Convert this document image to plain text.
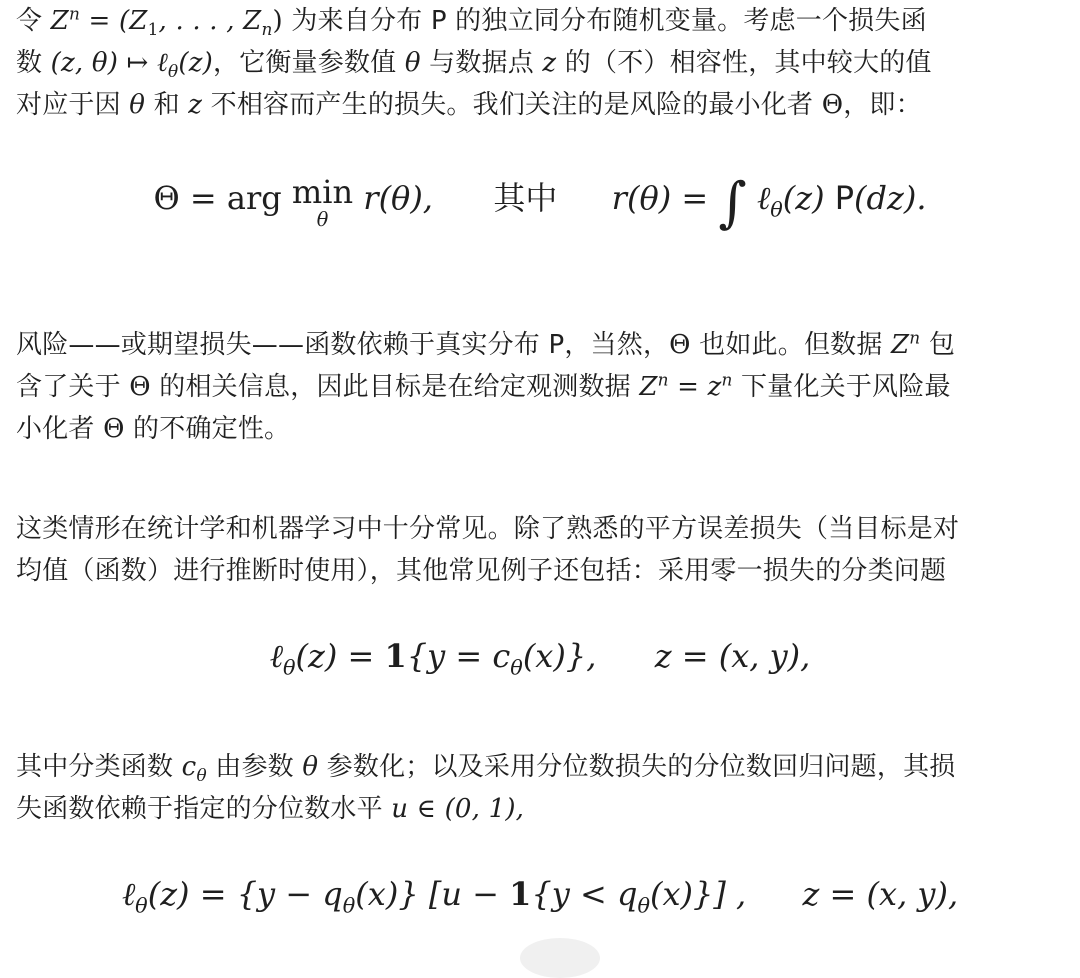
令 $Z^n = (Z_1$, . . . , $Z_n$) 为来自分布 P 的独立同分布随机变量。考虑一个损失函
数 (z, θ) ↦ ℓ$_\theta$(z)，它衡量参数值 θ 与数据点 z 的（不）相容性，其中较大的值
对应于因 θ 和 z 不相容而产生的损失。我们关注的是风险的最小化者 Θ，即：
Θ = arg min
θ
r(θ), 其中 r(θ) = ∫ ℓ$_\theta$(z) P(dz).
风险——或期望损失——函数依赖于真实分布 P，当然，Θ 也如此。但数据 $Z^n$ 包
含了关于 Θ 的相关信息，因此目标是在给定观测数据 $Z^n = z^n$ 下量化关于风险最
小化者 Θ 的不确定性。
这类情形在统计学和机器学习中十分常见。除了熟悉的平方误差损失（当目标是对
均值（函数）进行推断时使用），其他常见例子还包括：采用零一损失的分类问题
ℓ$_\theta$(z) = $1\{y = c_\theta(x)\}$, z = (x, y),
其中分类函数 $c_\theta$ 由参数 θ 参数化；以及采用分位数损失的分位数回归问题，其损
失函数依赖于指定的分位数水平 u ∈ (0, 1),
ℓ$_\theta$(z) = $\{y - q_\theta(x)\}$ $[u - 1\{y < q_\theta(x)\}]$ , z = (x, y),
